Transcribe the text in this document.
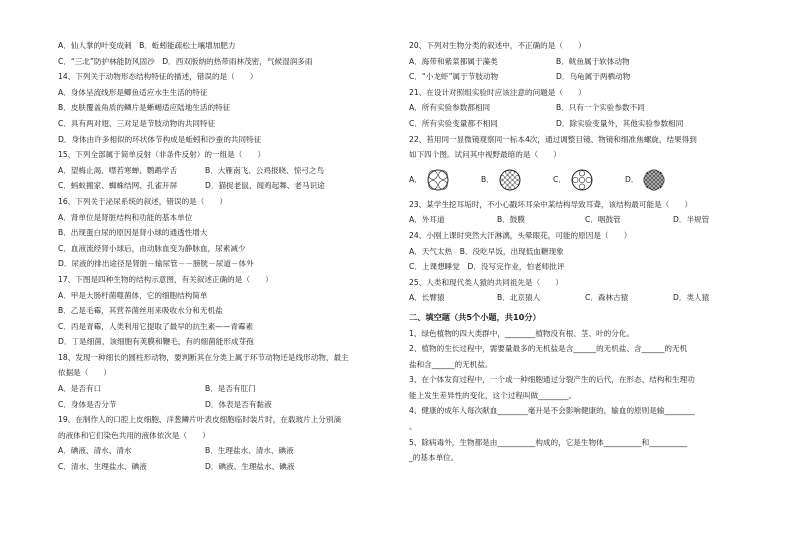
A．仙人掌的叶变成刺　B．蚯蚓能疏松土壤增加肥力
C．“三北”防护林能防风固沙　D．西双版纳的热带雨林茂密，气候湿润多雨
14、下列关于动物形态结构特征的描述，错误的是（　　）
A．身体呈流线形是鲫鱼适应水生生活的特征
B．皮肤覆盖角质的鳞片是蜥蜴适应陆地生活的特征
C．具有两对翅、三对足是节肢动物的共同特征
D．身体由许多相似的环状体节构成是蚯蚓和沙蚕的共同特征
15、下列全部属于简单反射（非条件反射）的一组是（　　）
A．望梅止渴、噤若寒蝉、鹦鹉学舌	B．大雁南飞、公鸡报晓、惊弓之鸟
C．蚂蚁搬家、蜘蛛结网、孔雀开屏	D．猫捉老鼠、闻鸡起舞、老马识途
16、下列关于泌尿系统的叙述，错误的是（　　）
A．肾单位是肾脏结构和功能的基本单位
B．出现蛋白尿的原因是肾小球的通透性增大
C．血液流经肾小球后，由动脉血变为静脉血，尿素减少
D．尿液的排出途径是肾脏－输尿管－－膀胱－尿道－体外
17、下图是四种生物的结构示意图，有关叙述正确的是（　　）
A．甲是大肠杆菌噬菌体，它的细胞结构简单
B．乙是毛霉，其营养菌丝用来吸收水分和无机盐
C．丙是青霉，人类利用它提取了最早的抗生素——青霉素
D．丁是细菌，该细胞有荚膜和鞭毛，有的细菌能形成芽孢
18、发现一种细长的圆柱形动物，要判断其在分类上属于环节动物还是线形动物，最主
依据是（　　）
A．是否有口	B．是否有肛门
C．身体是否分节	D．体表是否有黏液
19、在制作人的口腔上皮细胞、洋葱鳞片叶表皮细胞临时装片时，在载玻片上分别滴
的液体和它们染色共用的液体依次是（　　）
A．碘液、清水、清水	B．生理盐水、清水、碘液
C．清水、生理盐水、碘液	D．碘液、生理盐水、碘液
20、下列对生物分类的叙述中，不正确的是（　　）
A．海带和紫菜都属于藻类	B．鱿鱼属于软体动物
C．“小龙虾”属于节肢动物	D．乌龟属于两栖动物
21、在设计对照组实验时应该注意的问题是（　　）
A．所有实验参数都相同	B．只有一个实验参数不同
C．所有实验变量都不相同	D．除实验变量外，其他实验参数相同
22、苔用同一显微镜观察同一标本4次，通过调整目镜、物镜和细准焦螺旋，结果得到
如下四个图。试问其中视野最暗的是（　　）
A．	B．	C．	D．
23、某学生挖耳垢时，不小心戳坏耳朵中某结构导致耳聋，该结构最可能是（　　）
A．外耳道	B．鼓膜	C．咽鼓管	D．半规管
24、小刚上课时突然大汗淋漓，头晕眼花，可能的原因是（　　）
A．天气太热　B．没吃早饭，出现低血糖现象
C．上课想睡觉　D．没写完作业，怕老师批评
25、人类和现代类人猿的共同祖先是（　　）
A．长臂猿	B．北京猿人	C．森林古猿	D．类人猿
二、填空题（共5个小题，共10分）
1、绿色植物的四大类群中，________植物没有根、茎、叶的分化。
2、植物的生长过程中，需要量最多的无机盐是含______的无机盐、含______的无机
盐和含______的无机盐。
3、在个体发育过程中，一个或一种细胞通过分裂产生的后代，在形态、结构和生理功
能上发生差异性的变化，这个过程叫做________。
4、健康的成年人每次献血________毫升是不会影响健康的，输血的原则是输________
。
5、除病毒外，生物都是由__________构成的，它是生物体__________和__________
_的基本单位。
